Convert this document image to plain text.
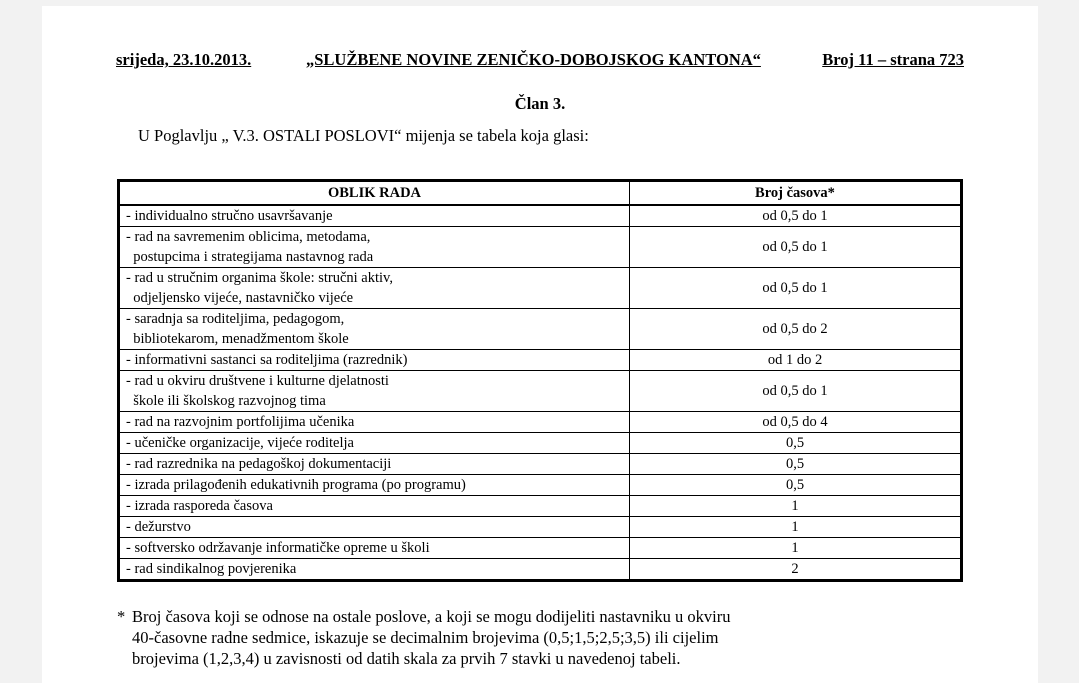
srijeda, 23.10.2013.	„SLUŽBENE NOVINE ZENIČKO-DOBOJSKOG KANTONA“	Broj 11 – strana 723
Član 3.
U Poglavlju „ V.3. OSTALI POSLOVI“ mijenja se tabela koja glasi:
OBLIK RADA	Broj časova*

- individualno stručno usavršavanje	od 0,5 do 1

- rad na savremenim oblicima, metodama,
postupcima i strategijama nastavnog rada	od 0,5 do 1

- rad u stručnim organima škole: stručni aktiv,
odjeljensko vijeće, nastavničko vijeće	od 0,5 do 1

- saradnja sa roditeljima, pedagogom,
bibliotekarom, menadžmentom škole	od 0,5 do 2

- informativni sastanci sa roditeljima (razrednik)	od 1 do 2

- rad u okviru društvene i kulturne djelatnosti
škole ili školskog razvojnog tima	od 0,5 do 1

- rad na razvojnim portfolijima učenika	od 0,5 do 4

- učeničke organizacije, vijeće roditelja	0,5

- rad razrednika na pedagoškoj dokumentaciji	0,5

- izrada prilagođenih edukativnih programa (po programu)	0,5

- izrada rasporeda časova	1

- dežurstvo	1

- softversko održavanje informatičke opreme u školi	1

- rad sindikalnog povjerenika	2
* Broj časova koji se odnose na ostale poslove, a koji se mogu dodijeliti nastavniku u okviru
40-časovne radne sedmice, iskazuje se decimalnim brojevima (0,5;1,5;2,5;3,5) ili cijelim
brojevima (1,2,3,4) u zavisnosti od datih skala za prvih 7 stavki u navedenoj tabeli.
